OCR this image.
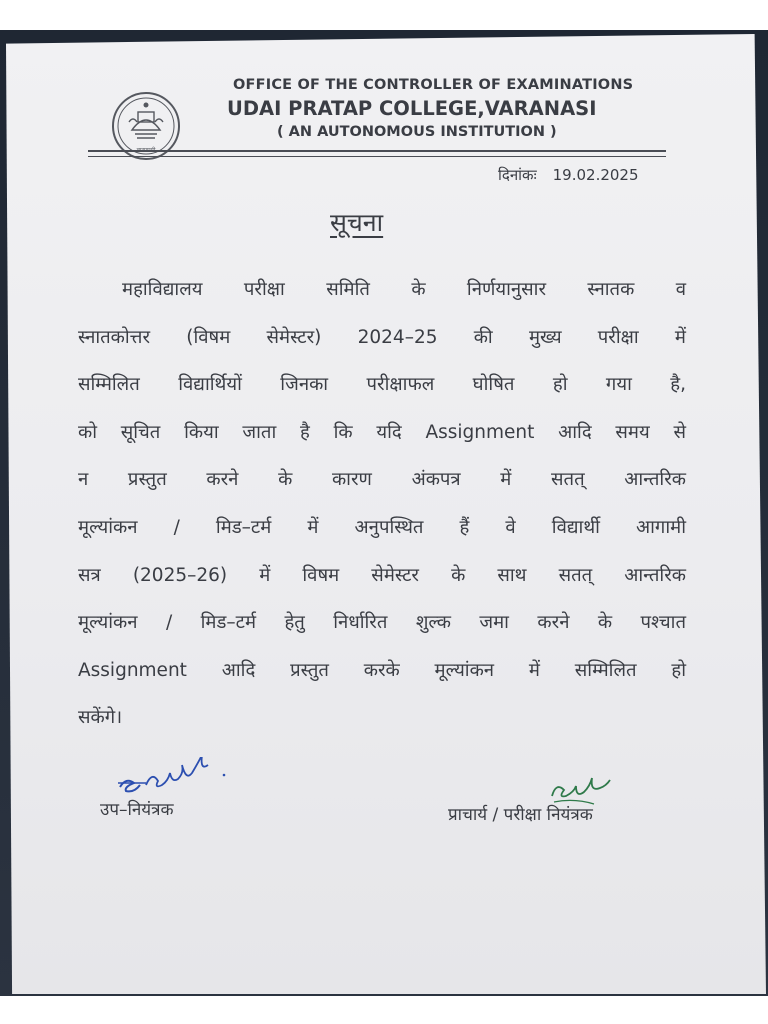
OFFICE OF THE CONTROLLER OF EXAMINATIONS
UDAI PRATAP COLLEGE,VARANASI
( AN AUTONOMOUS INSTITUTION )
दिनांकः 19.02.2025
सूचना
महाविद्यालय परीक्षा समिति के निर्णयानुसार स्नातक व
स्नातकोत्तर (विषम सेमेस्टर) 2024–25 की मुख्य परीक्षा में
सम्मिलित विद्यार्थियों जिनका परीक्षाफल घोषित हो गया है,
को सूचित किया जाता है कि यदि Assignment आदि समय से
न प्रस्तुत करने के कारण अंकपत्र में सतत् आन्तरिक
मूल्यांकन / मिड–टर्म में अनुपस्थित हैं वे विद्यार्थी आगामी
सत्र (2025–26) में विषम सेमेस्टर के साथ सतत् आन्तरिक
मूल्यांकन / मिड–टर्म हेतु निर्धारित शुल्क जमा करने के पश्चात
Assignment आदि प्रस्तुत करके मूल्यांकन में सम्मिलित हो
सकेंगे।
उप–नियंत्रक	प्राचार्य / परीक्षा नियंत्रक
